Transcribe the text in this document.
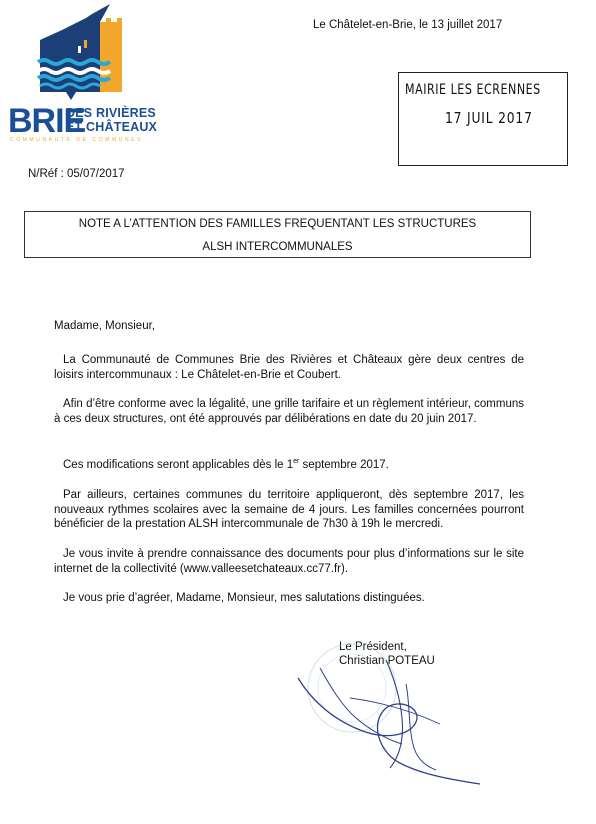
BRIE
DES RIVIÈRES
ET CHÂTEAUX
COMMUNAUTÉ DE COMMUNES
Le Châtelet-en-Brie, le 13 juillet 2017
MAIRIE LES ECRENNES
17 JUIL 2017
N/Réf : 05/07/2017
NOTE A L’ATTENTION DES FAMILLES FREQUENTANT LES STRUCTURES
ALSH INTERCOMMUNALES
Madame, Monsieur,
La Communauté de Communes Brie des Rivières et Châteaux gère deux centres de loisirs intercommunaux : Le Châtelet-en-Brie et Coubert.
Afin d’être conforme avec la légalité, une grille tarifaire et un règlement intérieur, communs à ces deux structures, ont été approuvés par délibérations en date du 20 juin 2017.
Ces modifications seront applicables dès le 1er septembre 2017.
Par ailleurs, certaines communes du territoire appliqueront, dès septembre 2017, les nouveaux rythmes scolaires avec la semaine de 4 jours. Les familles concernées pourront bénéficier de la prestation ALSH intercommunale de 7h30 à 19h le mercredi.
Je vous invite à prendre connaissance des documents pour plus d’informations sur le site internet de la collectivité (www.valleesetchateaux.cc77.fr).
Je vous prie d’agréer, Madame, Monsieur, mes salutations distinguées.
Le Président,
Christian POTEAU
